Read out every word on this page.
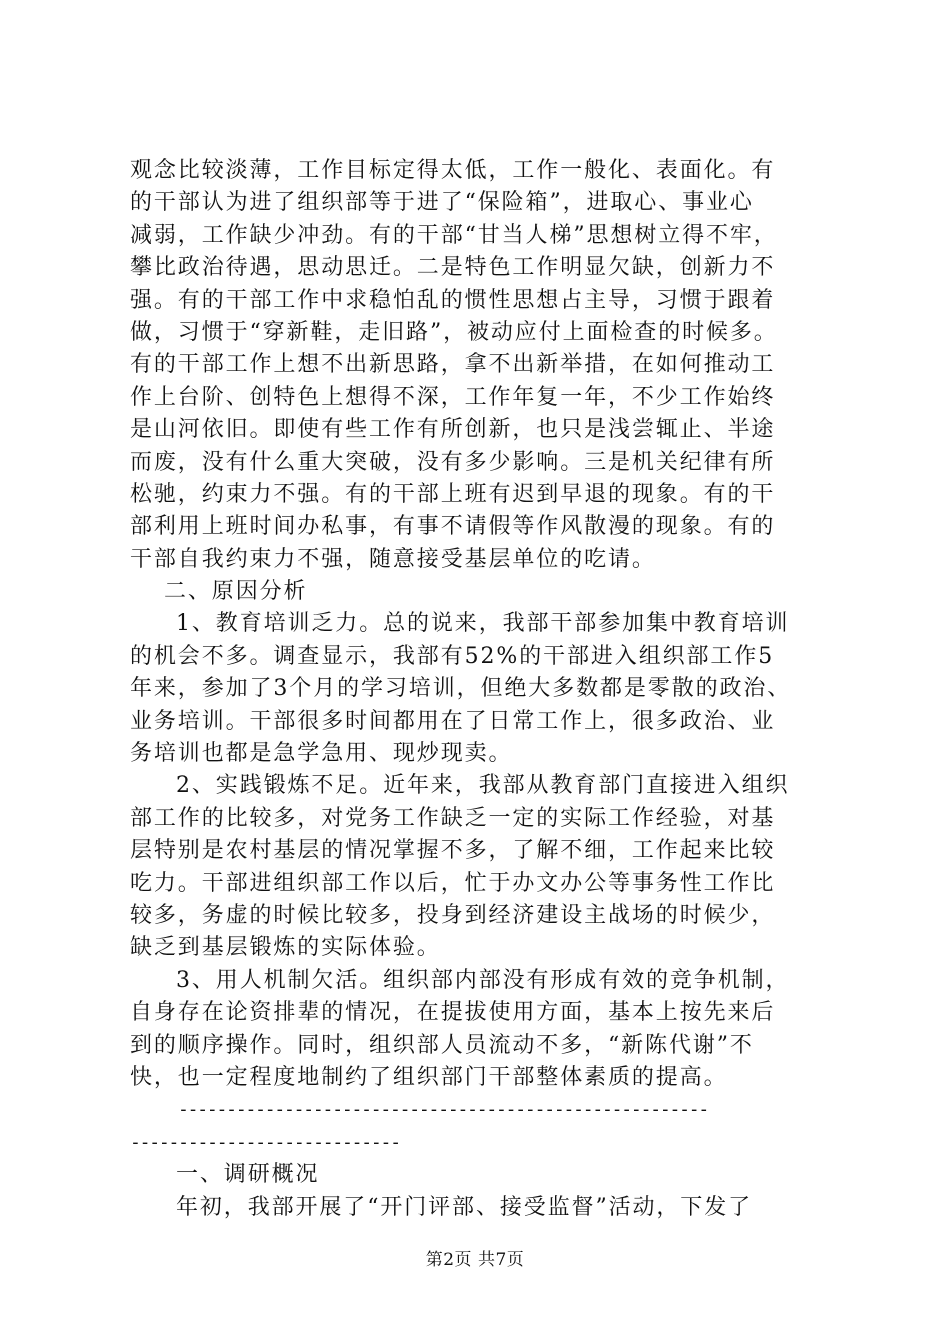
观念比较淡薄，工作目标定得太低，工作一般化、表面化。有
的干部认为进了组织部等于进了“保险箱”，进取心、事业心
减弱，工作缺少冲劲。有的干部“甘当人梯”思想树立得不牢，
攀比政治待遇，思动思迁。二是特色工作明显欠缺，创新力不
强。有的干部工作中求稳怕乱的惯性思想占主导，习惯于跟着
做，习惯于“穿新鞋，走旧路”，被动应付上面检查的时候多。
有的干部工作上想不出新思路，拿不出新举措，在如何推动工
作上台阶、创特色上想得不深，工作年复一年，不少工作始终
是山河依旧。即使有些工作有所创新，也只是浅尝辄止、半途
而废，没有什么重大突破，没有多少影响。三是机关纪律有所
松驰，约束力不强。有的干部上班有迟到早退的现象。有的干
部利用上班时间办私事，有事不请假等作风散漫的现象。有的
干部自我约束力不强，随意接受基层单位的吃请。
二、原因分析
1、教育培训乏力。总的说来，我部干部参加集中教育培训
的机会不多。调查显示，我部有52%的干部进入组织部工作5
年来，参加了3个月的学习培训，但绝大多数都是零散的政治、
业务培训。干部很多时间都用在了日常工作上，很多政治、业
务培训也都是急学急用、现炒现卖。
2、实践锻炼不足。近年来，我部从教育部门直接进入组织
部工作的比较多，对党务工作缺乏一定的实际工作经验，对基
层特别是农村基层的情况掌握不多，了解不细，工作起来比较
吃力。干部进组织部工作以后，忙于办文办公等事务性工作比
较多，务虚的时候比较多，投身到经济建设主战场的时候少，
缺乏到基层锻炼的实际体验。
3、用人机制欠活。组织部内部没有形成有效的竞争机制，
自身存在论资排辈的情况，在提拔使用方面，基本上按先来后
到的顺序操作。同时，组织部人员流动不多，“新陈代谢”不
快，也一定程度地制约了组织部门干部整体素质的提高。
-------------------------------------------------------
----------------------------
一、调研概况
年初，我部开展了“开门评部、接受监督”活动，下发了
第2页 共7页
